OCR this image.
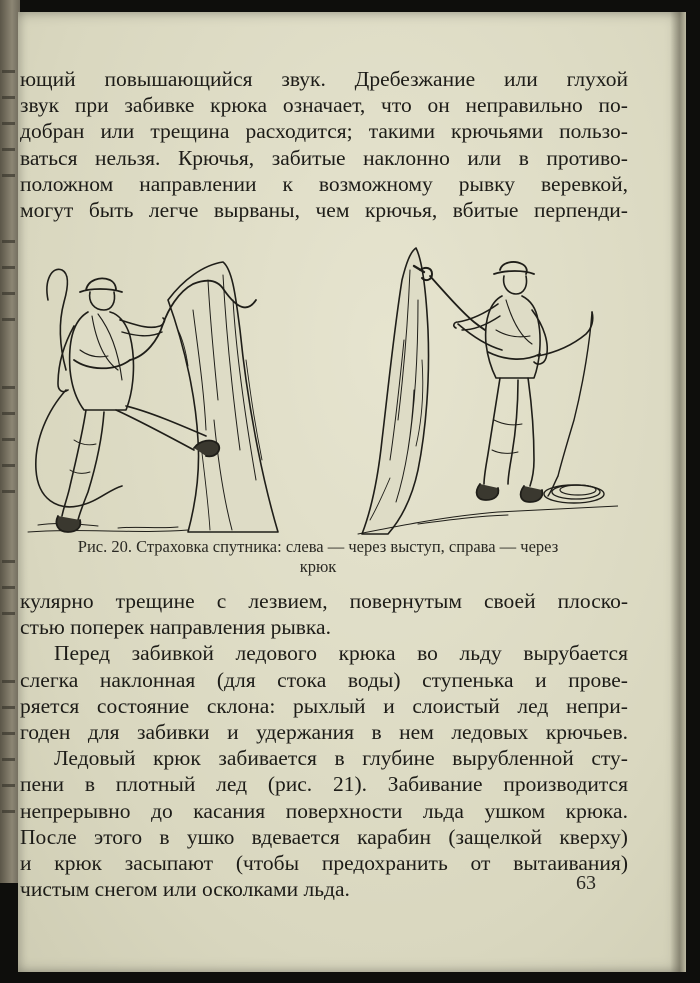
ющий повышающийся звук. Дребезжание или глухой
звук при забивке крюка означает, что он неправильно по-
добран или трещина расходится; такими крючьями пользо-
ваться нельзя. Крючья, забитые наклонно или в противо-
положном направлении к возможному рывку веревкой,
могут быть легче вырваны, чем крючья, вбитые перпенди-
Рис. 20. Страховка спутника: слева — через выступ, справа — через
крюк
кулярно трещине с лезвием, повернутым своей плоско-
стью поперек направления рывка.
Перед забивкой ледового крюка во льду вырубается
слегка наклонная (для стока воды) ступенька и прове-
ряется состояние склона: рыхлый и слоистый лед непри-
годен для забивки и удержания в нем ледовых крючьев.
Ледовый крюк забивается в глубине вырубленной сту-
пени в плотный лед (рис. 21). Забивание производится
непрерывно до касания поверхности льда ушком крюка.
После этого в ушко вдевается карабин (защелкой кверху)
и крюк засыпают (чтобы предохранить от вытаивания)
чистым снегом или осколками льда.	63
